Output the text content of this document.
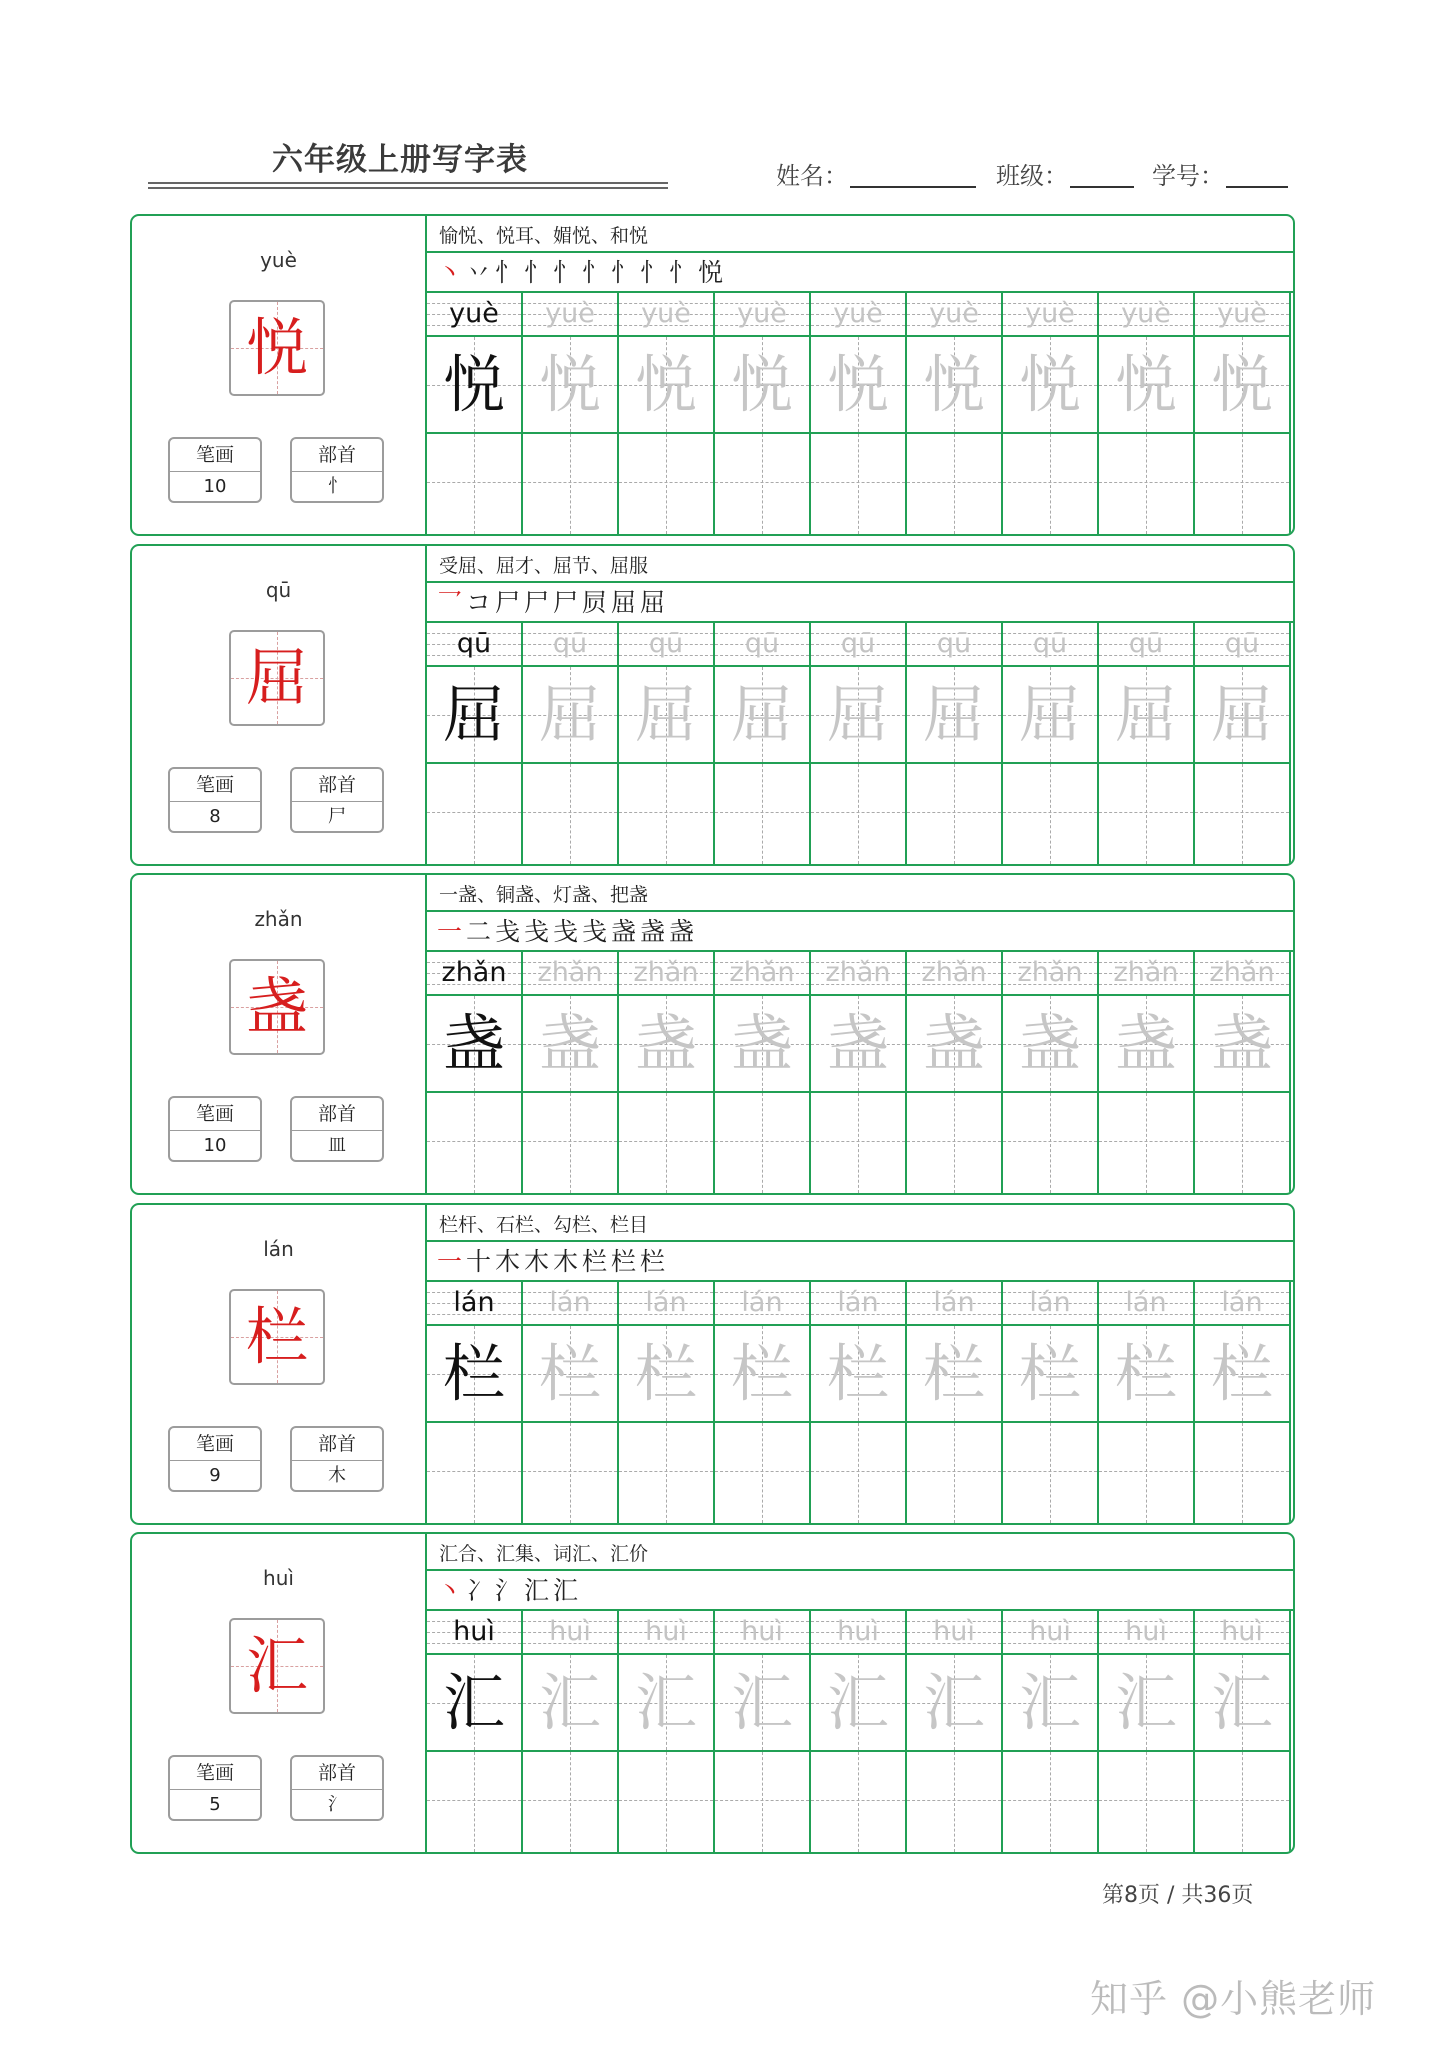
六年级上册写字表	姓名：	班级：	学号：
yuè
悦
笔画
10
部首
忄
愉悦、悦耳、媚悦、和悦
丶 丷 忄 忄 忄 忄 忄 忄 忄 悦
yuè
悦
yuè
悦
yuè
悦
yuè
悦
yuè
悦
yuè
悦
yuè
悦
yuè
悦
yuè
悦
qū
屈
笔画
8
部首
尸
受屈、屈才、屈节、屈服
乛 コ 尸 尸 尸 屃 屈 屈
qū
屈
qū
屈
qū
屈
qū
屈
qū
屈
qū
屈
qū
屈
qū
屈
qū
屈
zhǎn
盏
笔画
10
部首
皿
一盏、铜盏、灯盏、把盏
一 二 戋 戋 戋 戋 盏 盏 盏
zhǎn
盏
zhǎn
盏
zhǎn
盏
zhǎn
盏
zhǎn
盏
zhǎn
盏
zhǎn
盏
zhǎn
盏
zhǎn
盏
lán
栏
笔画
9
部首
木
栏杆、石栏、勾栏、栏目
一 十 木 木 木 栏 栏 栏
lán
栏
lán
栏
lán
栏
lán
栏
lán
栏
lán
栏
lán
栏
lán
栏
lán
栏
huì
汇
笔画
5
部首
氵
汇合、汇集、词汇、汇价
丶 冫 氵 汇 汇
huì
汇
huì
汇
huì
汇
huì
汇
huì
汇
huì
汇
huì
汇
huì
汇
huì
汇
第8页 / 共36页
知乎 @小熊老师
